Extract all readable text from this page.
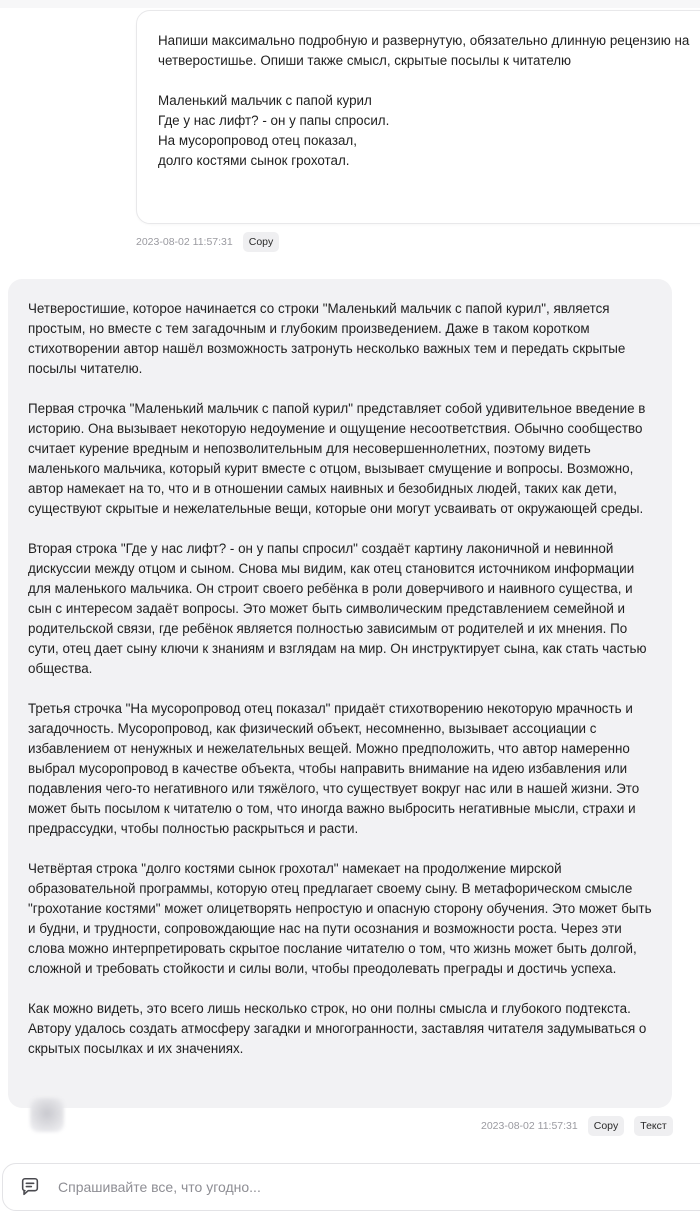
Напиши максимально подробную и развернутую, обязательно длинную рецензию на четверостишье. Опиши также смысл, скрытые посылы к читателю

Маленький мальчик с папой курил
Где у нас лифт? - он у папы спросил.
На мусоропровод отец показал,
долго костями сынок грохотал.

2023-08-02 11:57:31	Copy

Четверостишие, которое начинается со строки "Маленький мальчик с папой курил", является простым, но вместе с тем загадочным и глубоким произведением. Даже в таком коротком стихотворении автор нашёл возможность затронуть несколько важных тем и передать скрытые посылы читателю.

Первая строчка "Маленький мальчик с папой курил" представляет собой удивительное введение в историю. Она вызывает некоторую недоумение и ощущение несоответствия. Обычно сообщество считает курение вредным и непозволительным для несовершеннолетних, поэтому видеть маленького мальчика, который курит вместе с отцом, вызывает смущение и вопросы. Возможно, автор намекает на то, что и в отношении самых наивных и безобидных людей, таких как дети, существуют скрытые и нежелательные вещи, которые они могут усваивать от окружающей среды.

Вторая строка "Где у нас лифт? - он у папы спросил" создаёт картину лаконичной и невинной дискуссии между отцом и сыном. Снова мы видим, как отец становится источником информации для маленького мальчика. Он строит своего ребёнка в роли доверчивого и наивного существа, и сын с интересом задаёт вопросы. Это может быть символическим представлением семейной и родительской связи, где ребёнок является полностью зависимым от родителей и их мнения. По сути, отец дает сыну ключи к знаниям и взглядам на мир. Он инструктирует сына, как стать частью общества.

Третья строчка "На мусоропровод отец показал" придаёт стихотворению некоторую мрачность и загадочность. Мусоропровод, как физический объект, несомненно, вызывает ассоциации с избавлением от ненужных и нежелательных вещей. Можно предположить, что автор намеренно выбрал мусоропровод в качестве объекта, чтобы направить внимание на идею избавления или подавления чего-то негативного или тяжёлого, что существует вокруг нас или в нашей жизни. Это может быть посылом к читателю о том, что иногда важно выбросить негативные мысли, страхи и предрассудки, чтобы полностью раскрыться и расти.

Четвёртая строка "долго костями сынок грохотал" намекает на продолжение мирской образовательной программы, которую отец предлагает своему сыну. В метафорическом смысле "грохотание костями" может олицетворять непростую и опасную сторону обучения. Это может быть и будни, и трудности, сопровождающие нас на пути осознания и возможности роста. Через эти слова можно интерпретировать скрытое послание читателю о том, что жизнь может быть долгой, сложной и требовать стойкости и силы воли, чтобы преодолевать преграды и достичь успеха.

Как можно видеть, это всего лишь несколько строк, но они полны смысла и глубокого подтекста. Автору удалось создать атмосферу загадки и многогранности, заставляя читателя задумываться о скрытых посылках и их значениях.

2023-08-02 11:57:31	Copy	Текст
Спрашивайте все, что угодно...
